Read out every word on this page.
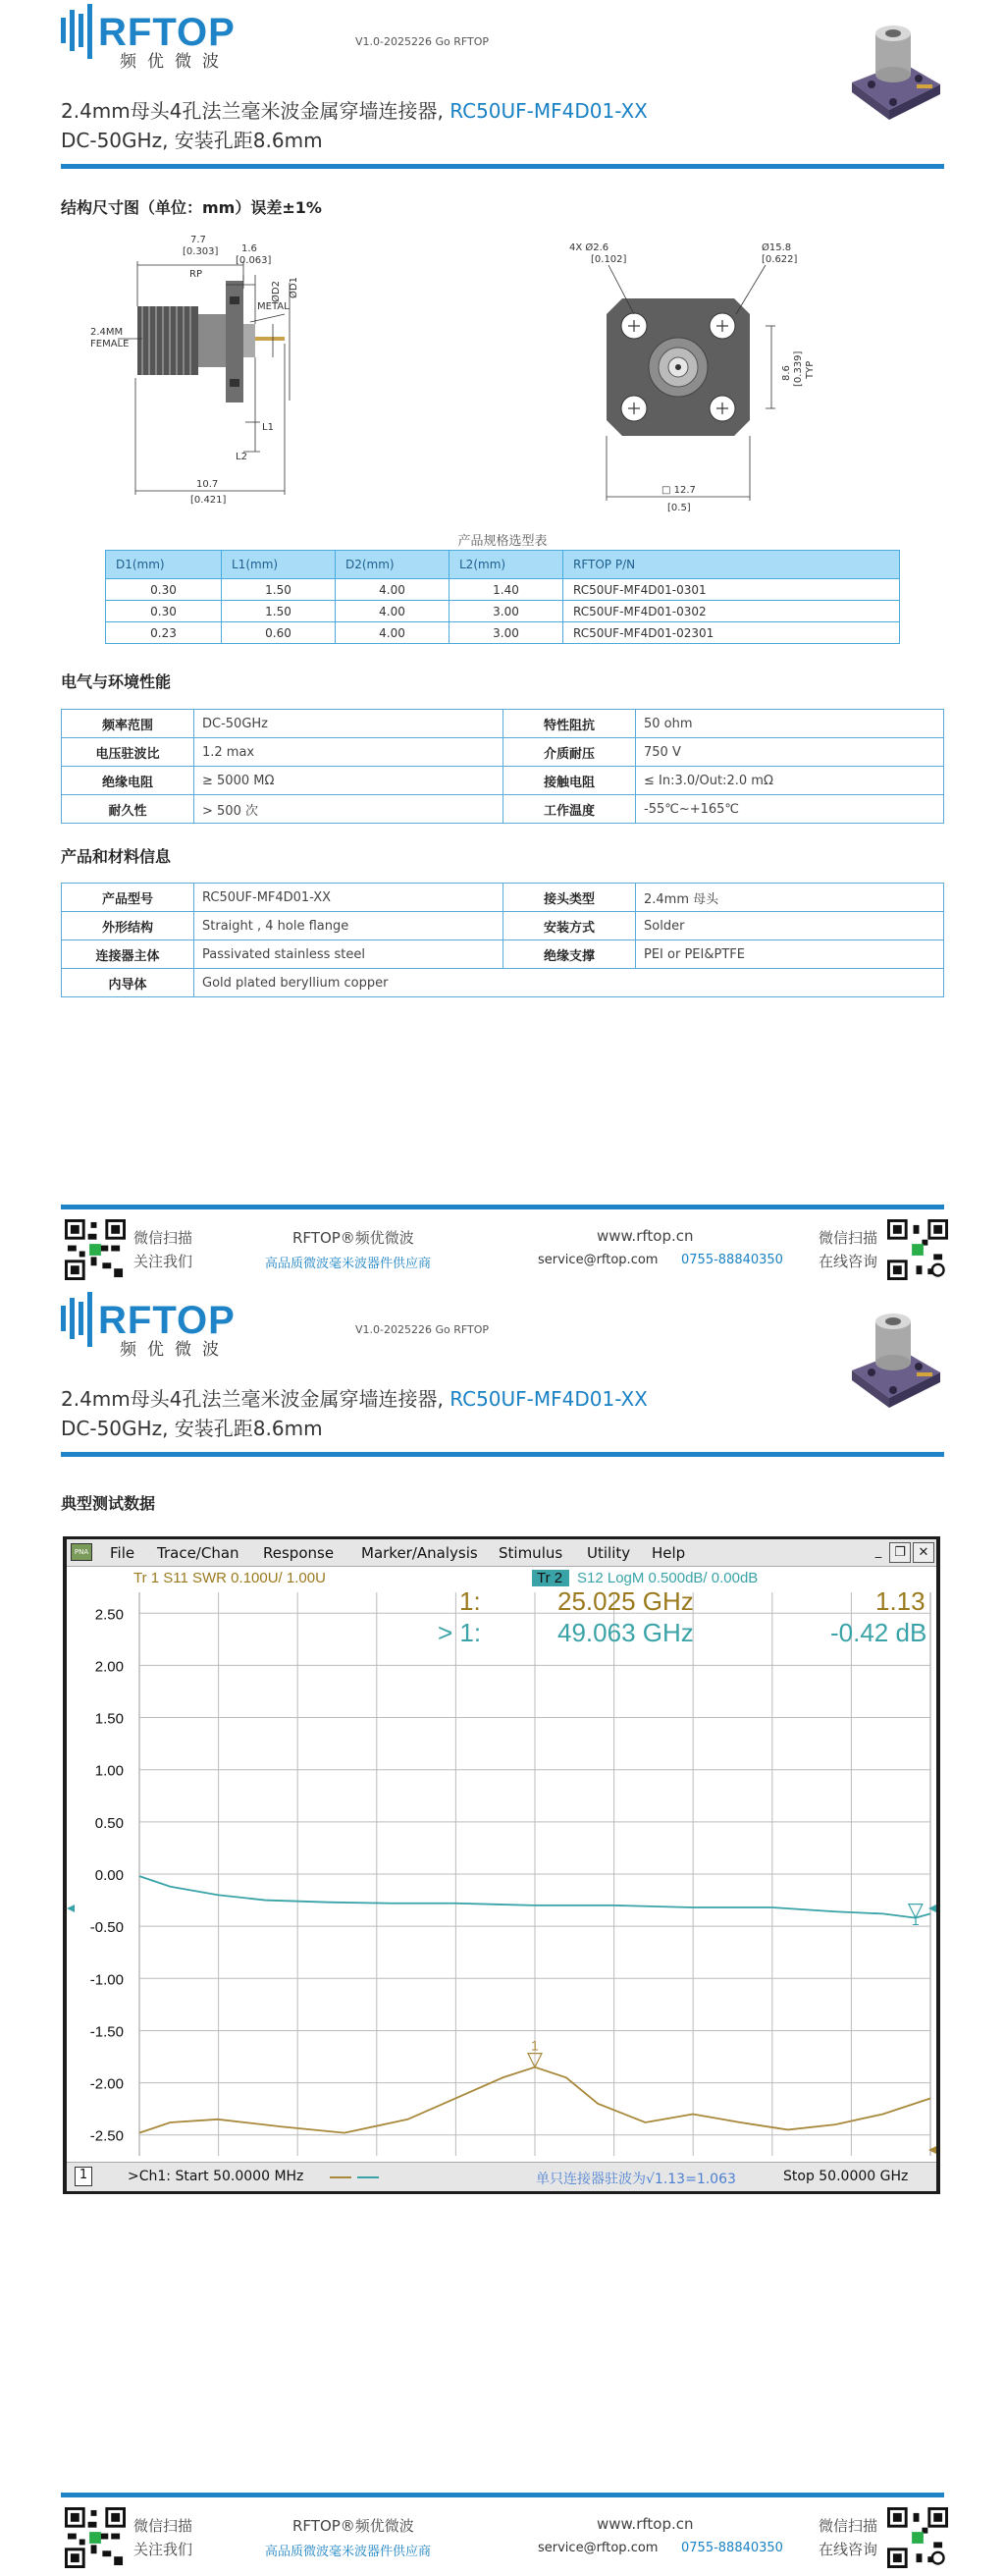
RFTOP
频优微波
V1.0-2025226 Go RFTOP
2.4mm母头4孔法兰毫米波金属穿墙连接器, RC50UF-MF4D01-XX
DC-50GHz, 安装孔距8.6mm
结构尺寸图（单位：mm）误差±1%
7.7
[0.303]
RP
1.6
[0.063]
ØD2 ØD1
METAL
2.4MM
FEMALE
L1
L2
10.7
[0.421]
4X Ø2.6
[0.102]
Ø15.8
[0.622]
8.6 [0.339] TYP
□ 12.7
[0.5]
产品规格选型表
D1(mm)	L1(mm)	D2(mm)	L2(mm)	RFTOP P/N
0.30	1.50	4.00	1.40	RC50UF-MF4D01-0301
0.30	1.50	4.00	3.00	RC50UF-MF4D01-0302
0.23	0.60	4.00	3.00	RC50UF-MF4D01-02301
电气与环境性能
频率范围	DC-50GHz	特性阻抗	50 ohm
电压驻波比	1.2 max	介质耐压	750 V
绝缘电阻	≥ 5000 MΩ	接触电阻	≤ In:3.0/Out:2.0 mΩ
耐久性	> 500 次	工作温度	-55℃~+165℃
产品和材料信息
产品型号	RC50UF-MF4D01-XX	接头类型	2.4mm 母头
外形结构	Straight , 4 hole flange	安装方式	Solder
连接器主体	Passivated stainless steel	绝缘支撑	PEI or PEI&PTFE
内导体	Gold plated beryllium copper		
微信扫描
关注我们
RFTOP®频优微波
高品质微波毫米波器件供应商
www.rftop.cn
service@rftop.com 0755-88840350
微信扫描
在线咨询
RFTOP
频优微波
V1.0-2025226 Go RFTOP
2.4mm母头4孔法兰毫米波金属穿墙连接器, RC50UF-MF4D01-XX
DC-50GHz, 安装孔距8.6mm
典型测试数据
微信扫描
关注我们
RFTOP®频优微波
高品质微波毫米波器件供应商
www.rftop.cn
service@rftop.com 0755-88840350
微信扫描
在线咨询
PNA File Trace/Chan Response Marker/Analysis Stimulus Utility Help	_ ❐ ✕
2.50
2.00
1.50
1.00
0.50
0.00
-0.50
-1.00
-1.50
-2.00
-2.50
Tr 1 S11 SWR 0.100U/ 1.00U	Tr 2 S12 LogM 0.500dB/ 0.00dB
1:	25.025 GHz	1.13
> 1:	49.063 GHz	-0.42 dB
1
1
1	>Ch1: Start 50.0000 MHz	单只连接器驻波为√1.13=1.063	Stop 50.0000 GHz
